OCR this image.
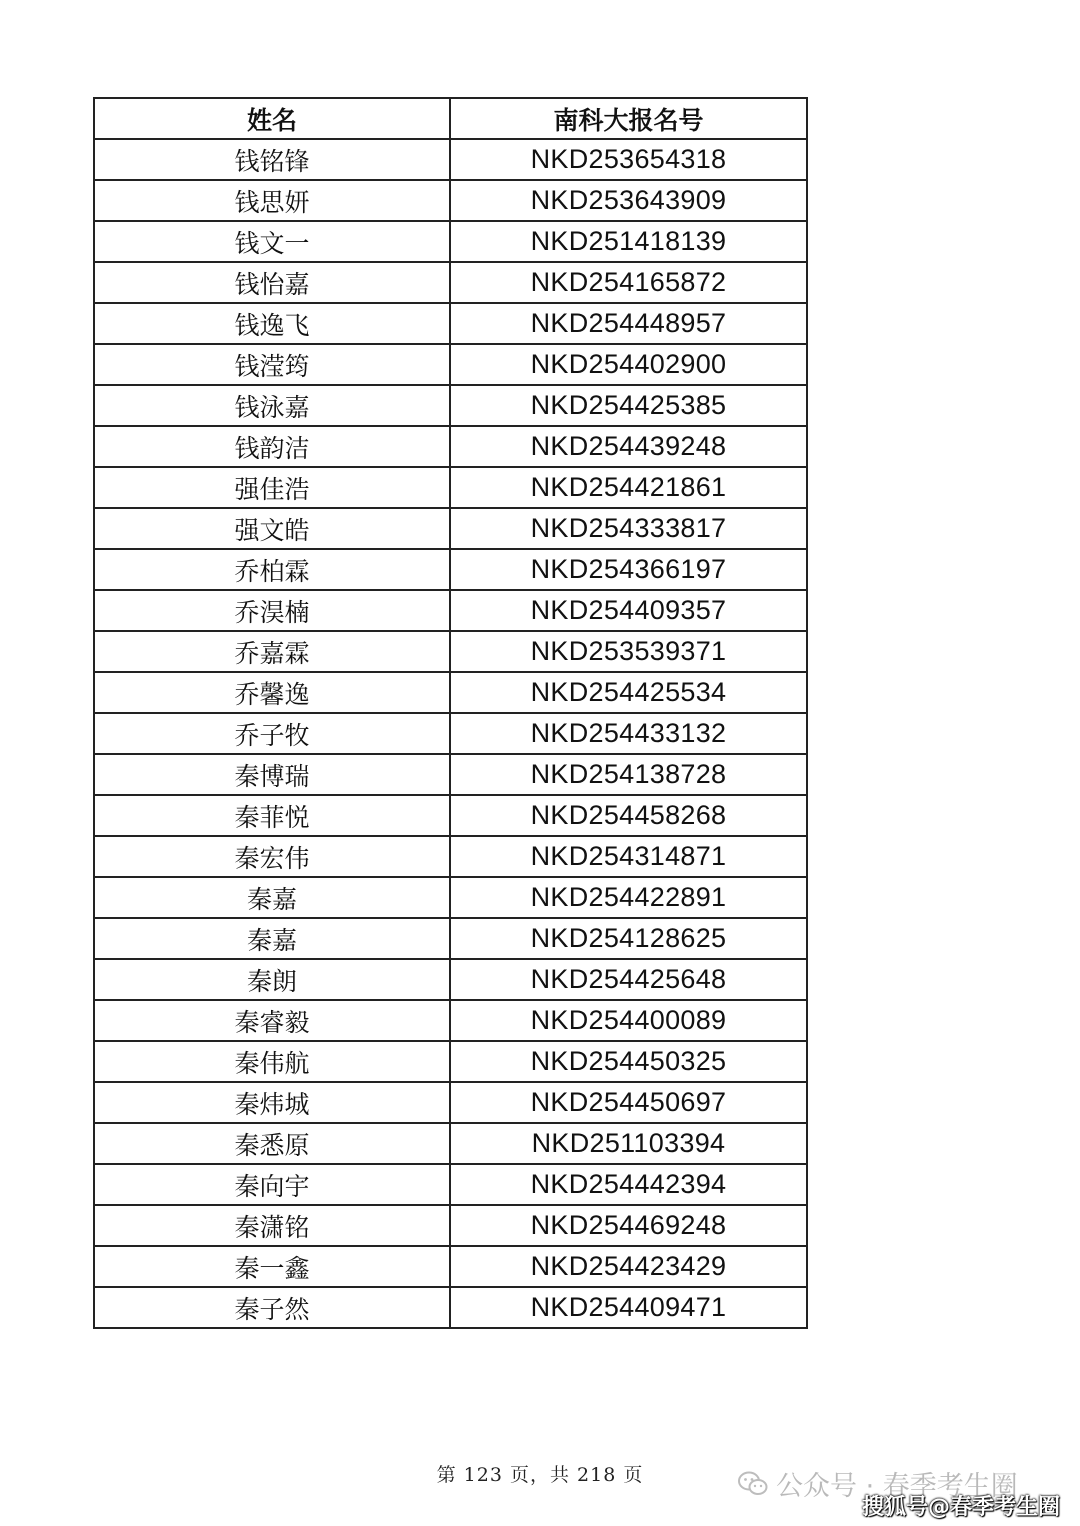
姓名	南科大报名号
钱铭锋	NKD253654318
钱思妍	NKD253643909
钱文一	NKD251418139
钱怡嘉	NKD254165872
钱逸飞	NKD254448957
钱滢筠	NKD254402900
钱泳嘉	NKD254425385
钱韵洁	NKD254439248
强佳浩	NKD254421861
强文皓	NKD254333817
乔柏霖	NKD254366197
乔淏楠	NKD254409357
乔嘉霖	NKD253539371
乔馨逸	NKD254425534
乔子牧	NKD254433132
秦博瑞	NKD254138728
秦菲悦	NKD254458268
秦宏伟	NKD254314871
秦嘉	NKD254422891
秦嘉	NKD254128625
秦朗	NKD254425648
秦睿毅	NKD254400089
秦伟航	NKD254450325
秦炜城	NKD254450697
秦悉原	NKD251103394
秦向宇	NKD254442394
秦潇铭	NKD254469248
秦一鑫	NKD254423429
秦子然	NKD254409471
第 123 页，共 218 页	公众号 · 春季考生圈
搜狐号@春季考生圈
